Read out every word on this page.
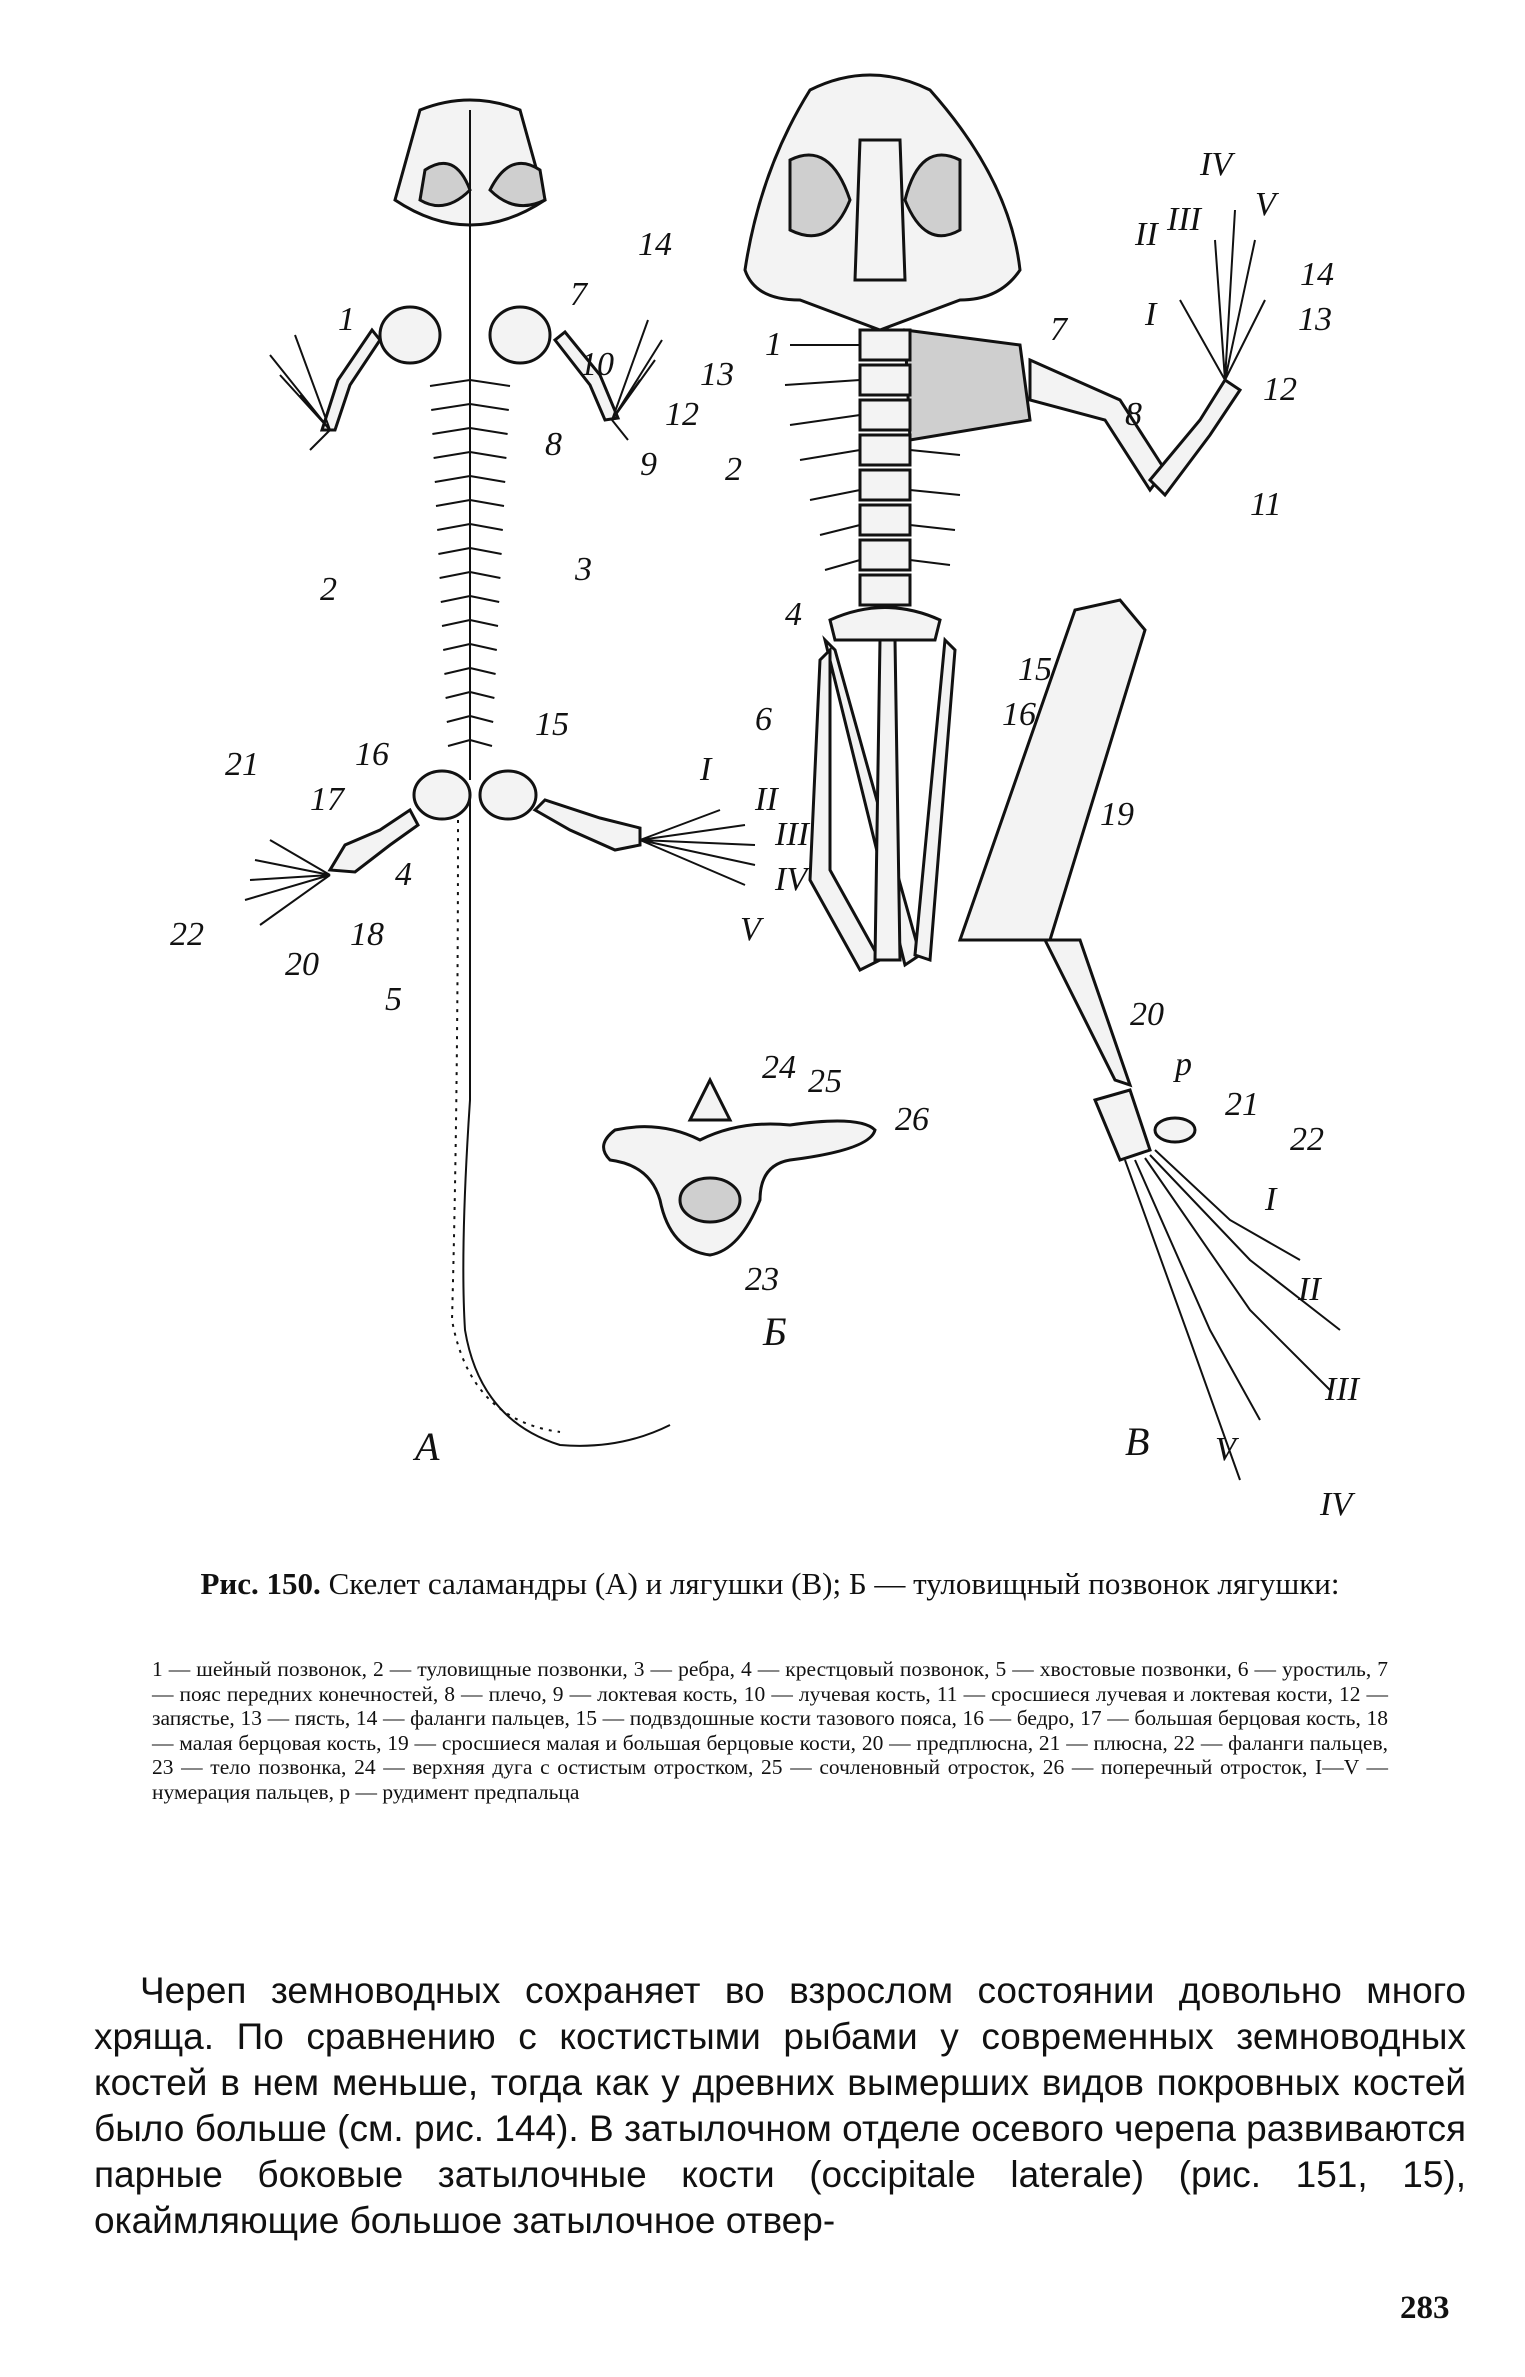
1
2
3
4
5
7
8
9
10
12
13
14
15
16
17
18
20
21
22
I
II
III
IV
V
А
24 25
26
23
Б
1
2
4
6
7
8
11
12
13
14
15
16
19
20
21
22
р
I
II III
IV
V
I
II
III
IV
V
В
Рис. 150. Скелет саламандры (А) и лягушки (В); Б — туловищный позвонок лягушки:
1 — шейный позвонок, 2 — туловищные позвонки, 3 — ребра, 4 — крестцовый позвонок, 5 — хвостовые позвонки, 6 — уростиль, 7 — пояс передних конечностей, 8 — плечо, 9 — локтевая кость, 10 — лучевая кость, 11 — сросшиеся лучевая и локтевая кости, 12 — запястье, 13 — пясть, 14 — фаланги пальцев, 15 — подвздошные кости тазового пояса, 16 — бедро, 17 — большая берцовая кость, 18 — малая берцовая кость, 19 — сросшиеся малая и большая берцовые кости, 20 — предплюсна, 21 — плюсна, 22 — фаланги пальцев, 23 — тело позвонка, 24 — верхняя дуга с остистым отростком, 25 — сочленовный отросток, 26 — поперечный отросток, I—V — нумерация пальцев, р — рудимент предпальца
Череп земноводных сохраняет во взрослом состоянии довольно много хряща. По сравнению с костистыми рыбами у современных земноводных костей в нем меньше, тогда как у древних вымерших видов покровных костей было больше (см. рис. 144). В затылочном отделе осевого черепа развиваются парные боковые затылочные кости (occipitale laterale) (рис. 151, 15), окаймляющие большое затылочное отвер-
283
